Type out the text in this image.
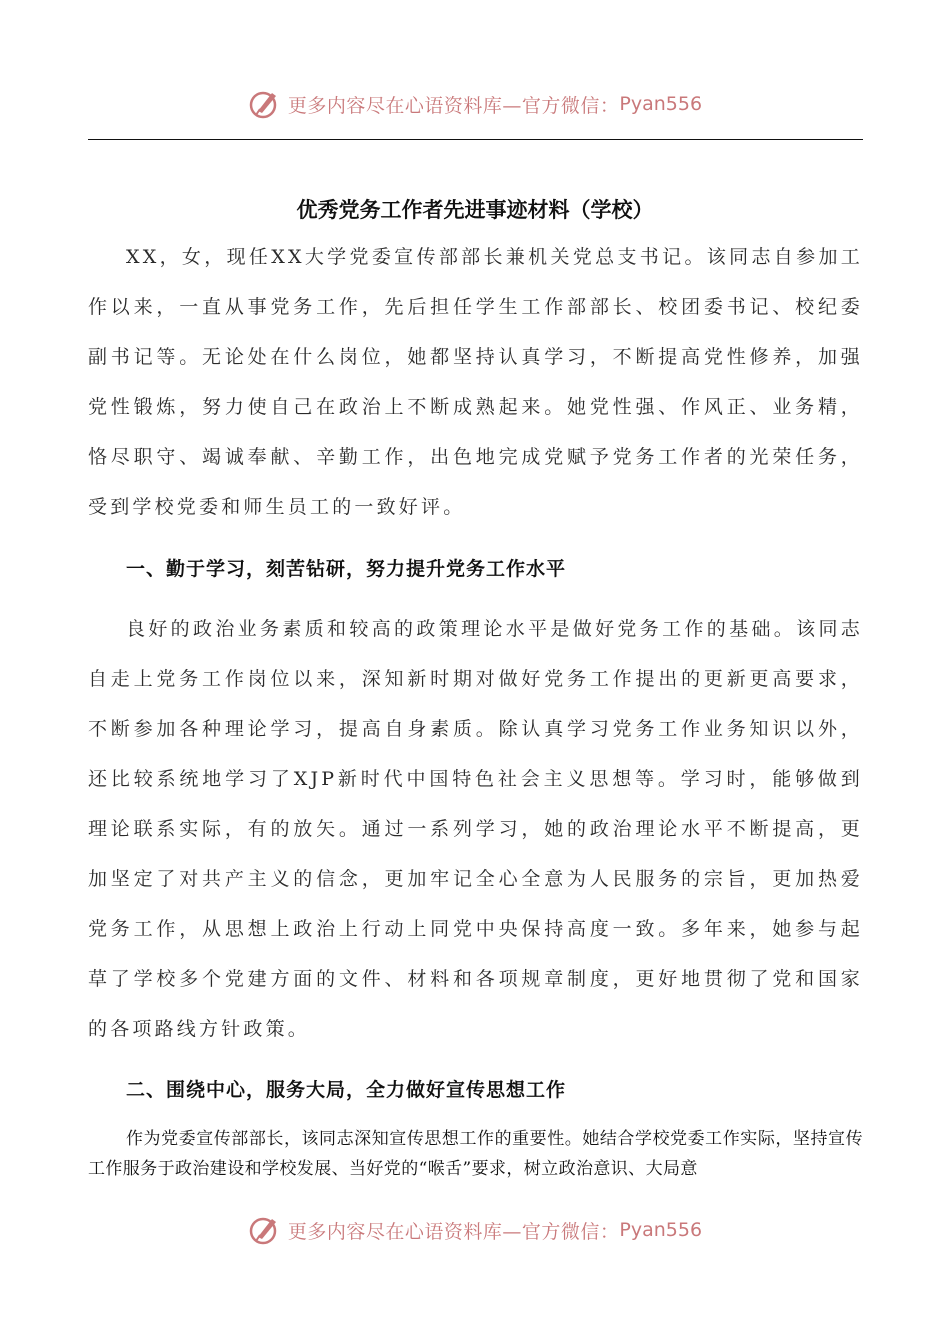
更多内容尽在心语资料库—官方微信： Pyan556
优秀党务工作者先进事迹材料（学校）

XX，女，现任XX大学党委宣传部部长兼机关党总支书记。该同志自参加工作以来，一直从事党务工作，先后担任学生工作部部长、校团委书记、校纪委副书记等。无论处在什么岗位，她都坚持认真学习，不断提高党性修养，加强党性锻炼，努力使自己在政治上不断成熟起来。她党性强、作风正、业务精，恪尽职守、竭诚奉献、辛勤工作，出色地完成党赋予党务工作者的光荣任务，受到学校党委和师生员工的一致好评。

一、勤于学习，刻苦钻研，努力提升党务工作水平

良好的政治业务素质和较高的政策理论水平是做好党务工作的基础。该同志自走上党务工作岗位以来，深知新时期对做好党务工作提出的更新更高要求，不断参加各种理论学习，提高自身素质。除认真学习党务工作业务知识以外，还比较系统地学习了XJP新时代中国特色社会主义思想等。学习时，能够做到理论联系实际，有的放矢。通过一系列学习，她的政治理论水平不断提高，更加坚定了对共产主义的信念，更加牢记全心全意为人民服务的宗旨，更加热爱党务工作，从思想上政治上行动上同党中央保持高度一致。多年来，她参与起草了学校多个党建方面的文件、材料和各项规章制度，更好地贯彻了党和国家的各项路线方针政策。

二、围绕中心，服务大局，全力做好宣传思想工作

作为党委宣传部部长，该同志深知宣传思想工作的重要性。她结合学校党委工作实际，坚持宣传工作服务于政治建设和学校发展、当好党的“喉舌”要求，树立政治意识、大局意

更多内容尽在心语资料库—官方微信： Pyan556
